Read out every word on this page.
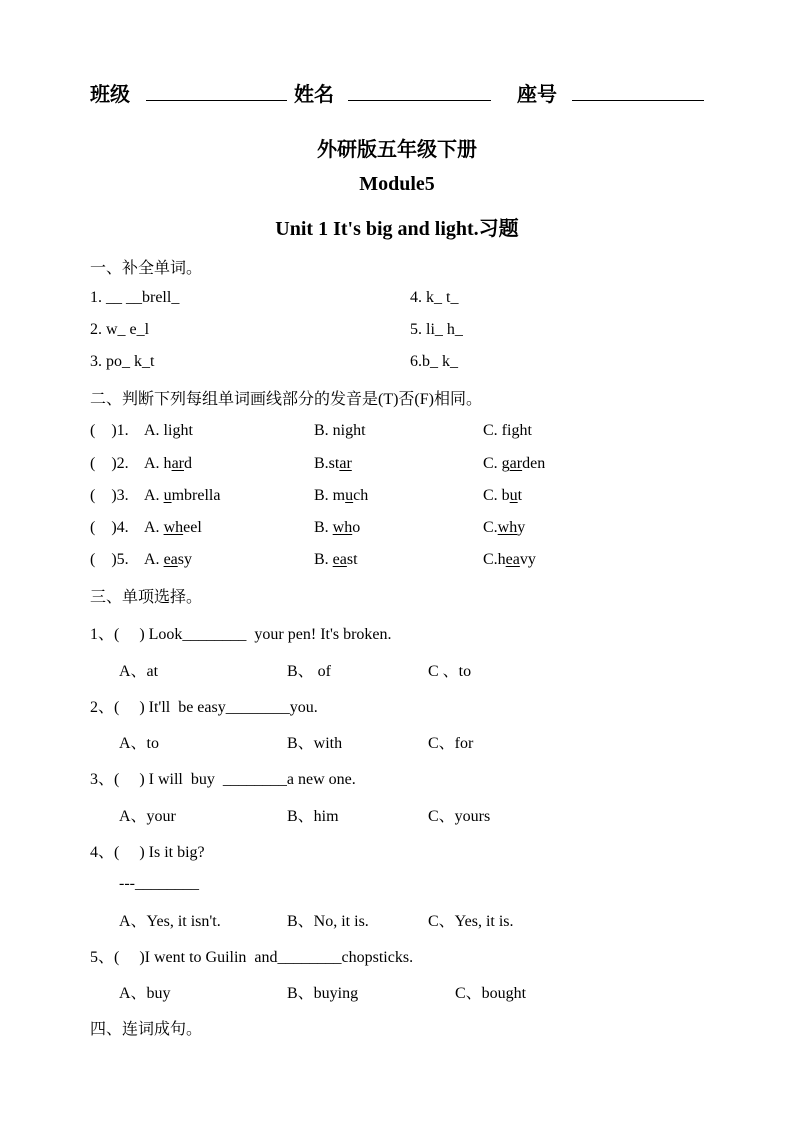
班级	姓名	座号
外研版五年级下册
Module5
Unit 1 It's big and light.习题
一、补全单词。
1. __ __brell_	4. k_ t_
2. w_ e_l	5. li_ h_
3. po_ k_t	6.b_ k_
二、判断下列每组单词画线部分的发音是(T)否(F)相同。
(    )1. A. light	B. night	C. fight
(    )2. A. hard	B.star	C. garden
(    )3. A. umbrella	B. much	C. but
(    )4. A. wheel	B. who	C.why
(    )5. A. easy	B. east	C.heavy
三、单项选择。
1、(     ) Look________  your pen! It's broken.
A、at	B、 of	C 、to
2、(     ) It'll  be easy________you.
A、to	B、with	C、for
3、(     ) I will  buy  ________a new one.
A、your	B、him	C、yours
4、(     ) Is it big?
---________
A、Yes, it isn't.	B、No, it is.	C、Yes, it is.
5、(     )I went to Guilin  and________chopsticks.
A、buy	B、buying	C、bought
四、连词成句。
